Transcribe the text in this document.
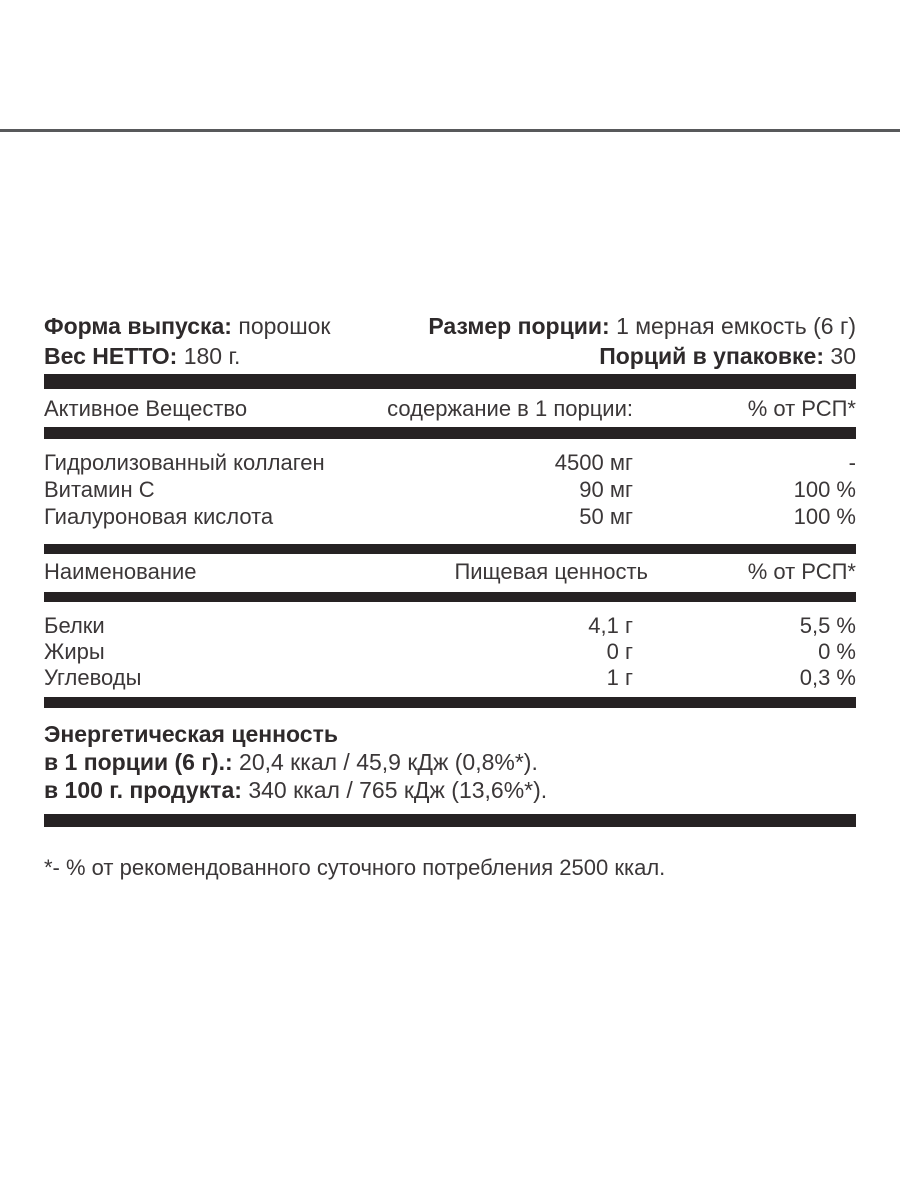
Форма выпуска: порошок
Вес НЕТТО: 180 г.
Размер порции: 1 мерная емкость (6 г)
Порций в упаковке: 30
Активное Вещество	содержание в 1 порции:	% от РСП*
Гидролизованный коллаген	4500 мг	-
Витамин С	90 мг	100 %
Гиалуроновая кислота	50 мг	100 %
Наименование	Пищевая ценность	% от РСП*
Белки	4,1 г	5,5 %
Жиры	0 г	0 %
Углеводы	1 г	0,3 %
Энергетическая ценность
в 1 порции (6 г).: 20,4 ккал / 45,9 кДж (0,8%*).
в 100 г. продукта: 340 ккал / 765 кДж (13,6%*).
*- % от рекомендованного суточного потребления 2500 ккал.
